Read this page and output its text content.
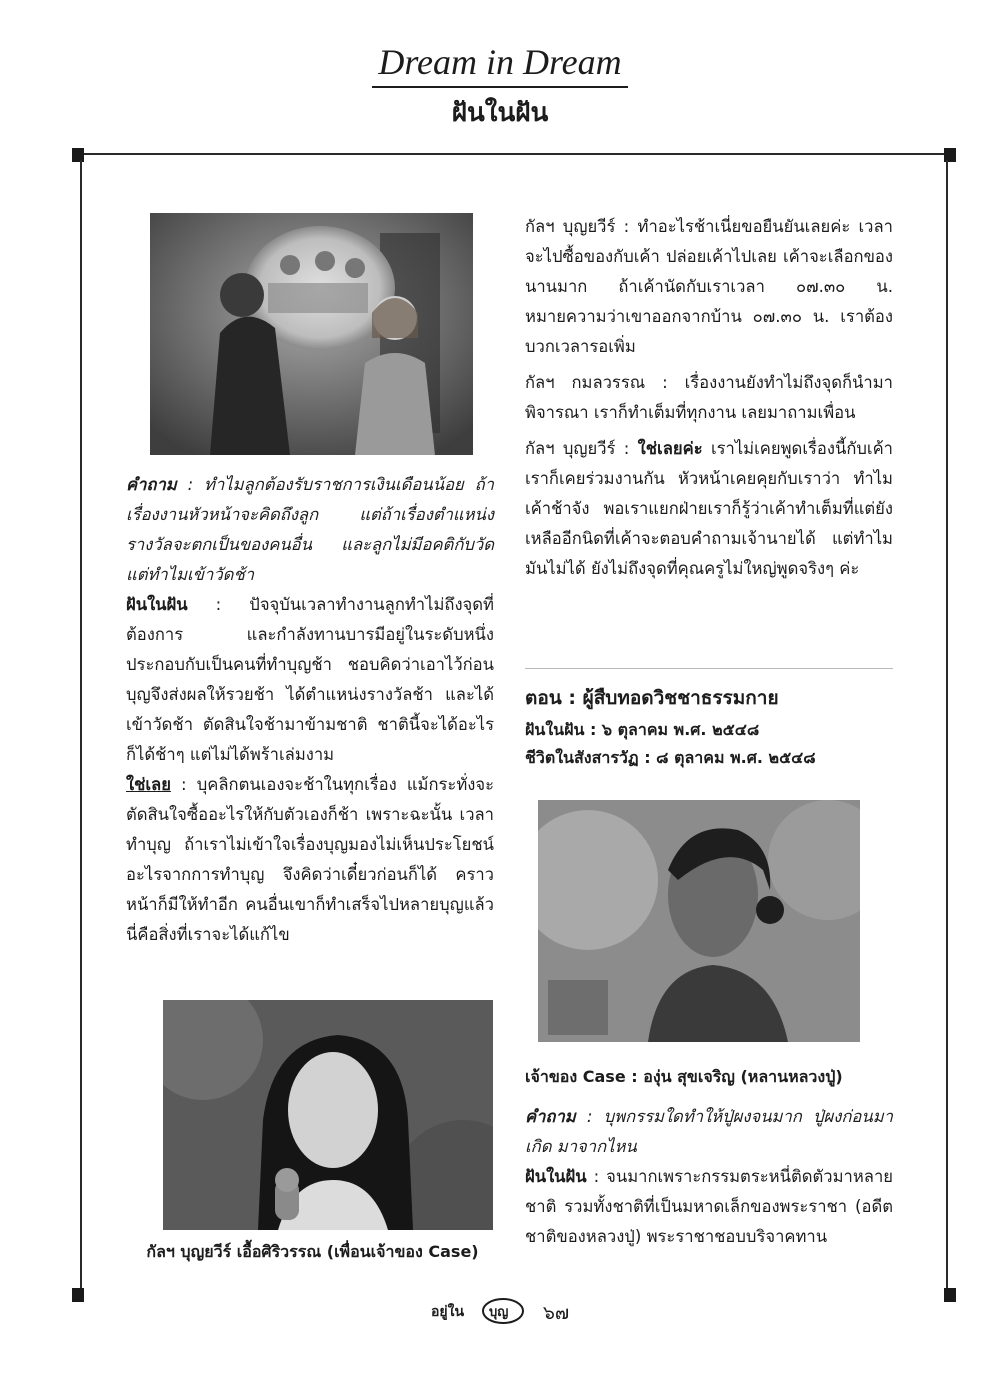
Dream in Dream
ฝันในฝัน

คำถาม : ทำไมลูกต้องรับราชการเงินเดือนน้อย ถ้าเรื่องงานหัวหน้าจะคิดถึงลูก แต่ถ้าเรื่องตำแหน่งรางวัลจะตกเป็นของคนอื่น และลูกไม่มีอคติกับวัด แต่ทำไมเข้าวัดช้า

ฝันในฝัน : ปัจจุบันเวลาทำงานลูกทำไม่ถึงจุดที่ต้องการ และกำลังทานบารมีอยู่ในระดับหนึ่ง ประกอบกับเป็นคนที่ทำบุญช้า ชอบคิดว่าเอาไว้ก่อน บุญจึงส่งผลให้รวยช้า ได้ตำแหน่งรางวัลช้า และได้เข้าวัดช้า ตัดสินใจช้ามาข้ามชาติ ชาตินี้จะได้อะไรก็ได้ช้าๆ แต่ไม่ได้พร้าเล่มงาม

ใช่เลย : บุคลิกตนเองจะช้าในทุกเรื่อง แม้กระทั่งจะตัดสินใจซื้ออะไรให้กับตัวเองก็ช้า เพราะฉะนั้น เวลาทำบุญ ถ้าเราไม่เข้าใจเรื่องบุญมองไม่เห็นประโยชน์อะไรจากการทำบุญ จึงคิดว่าเดี๋ยวก่อนก็ได้ คราวหน้าก็มีให้ทำอีก คนอื่นเขาก็ทำเสร็จไปหลายบุญแล้ว นี่คือสิ่งที่เราจะได้แก้ไข

กัลฯ บุญยวีร์ เอื้อศิริวรรณ (เพื่อนเจ้าของ Case)

กัลฯ บุญยวีร์ : ทำอะไรช้าเนี่ยขอยืนยันเลยค่ะ เวลาจะไปซื้อของกับเค้า ปล่อยเค้าไปเลย เค้าจะเลือกของนานมาก ถ้าเค้านัดกับเราเวลา ๐๗.๓๐ น. หมายความว่าเขาออกจากบ้าน ๐๗.๓๐ น. เราต้องบวกเวลารอเพิ่ม

กัลฯ กมลวรรณ : เรื่องงานยังทำไม่ถึงจุดก็นำมาพิจารณา เราก็ทำเต็มที่ทุกงาน เลยมาถามเพื่อน

กัลฯ บุญยวีร์ : ใช่เลยค่ะ เราไม่เคยพูดเรื่องนี้กับเค้า เราก็เคยร่วมงานกัน หัวหน้าเคยคุยกับเราว่า ทำไมเค้าช้าจัง พอเราแยกฝ่ายเราก็รู้ว่าเค้าทำเต็มที่แต่ยังเหลืออีกนิดที่เค้าจะตอบคำถามเจ้านายได้ แต่ทำไมมันไม่ได้ ยังไม่ถึงจุดที่คุณครูไม่ใหญ่พูดจริงๆ ค่ะ

ตอน : ผู้สืบทอดวิชชาธรรมกาย
ฝันในฝัน : ๖ ตุลาคม พ.ศ. ๒๕๔๘
ชีวิตในสังสารวัฏ : ๘ ตุลาคม พ.ศ. ๒๕๔๘

เจ้าของ Case : องุ่น สุขเจริญ (หลานหลวงปู่)

คำถาม : บุพกรรมใดทำให้ปู่ผงจนมาก ปู่ผงก่อนมาเกิด มาจากไหน

ฝันในฝัน : จนมากเพราะกรรมตระหนี่ติดตัวมาหลายชาติ รวมทั้งชาติที่เป็นมหาดเล็กของพระราชา (อดีตชาติของหลวงปู่) พระราชาชอบบริจาคทาน

อยู่ใน บุญ ๖๗
